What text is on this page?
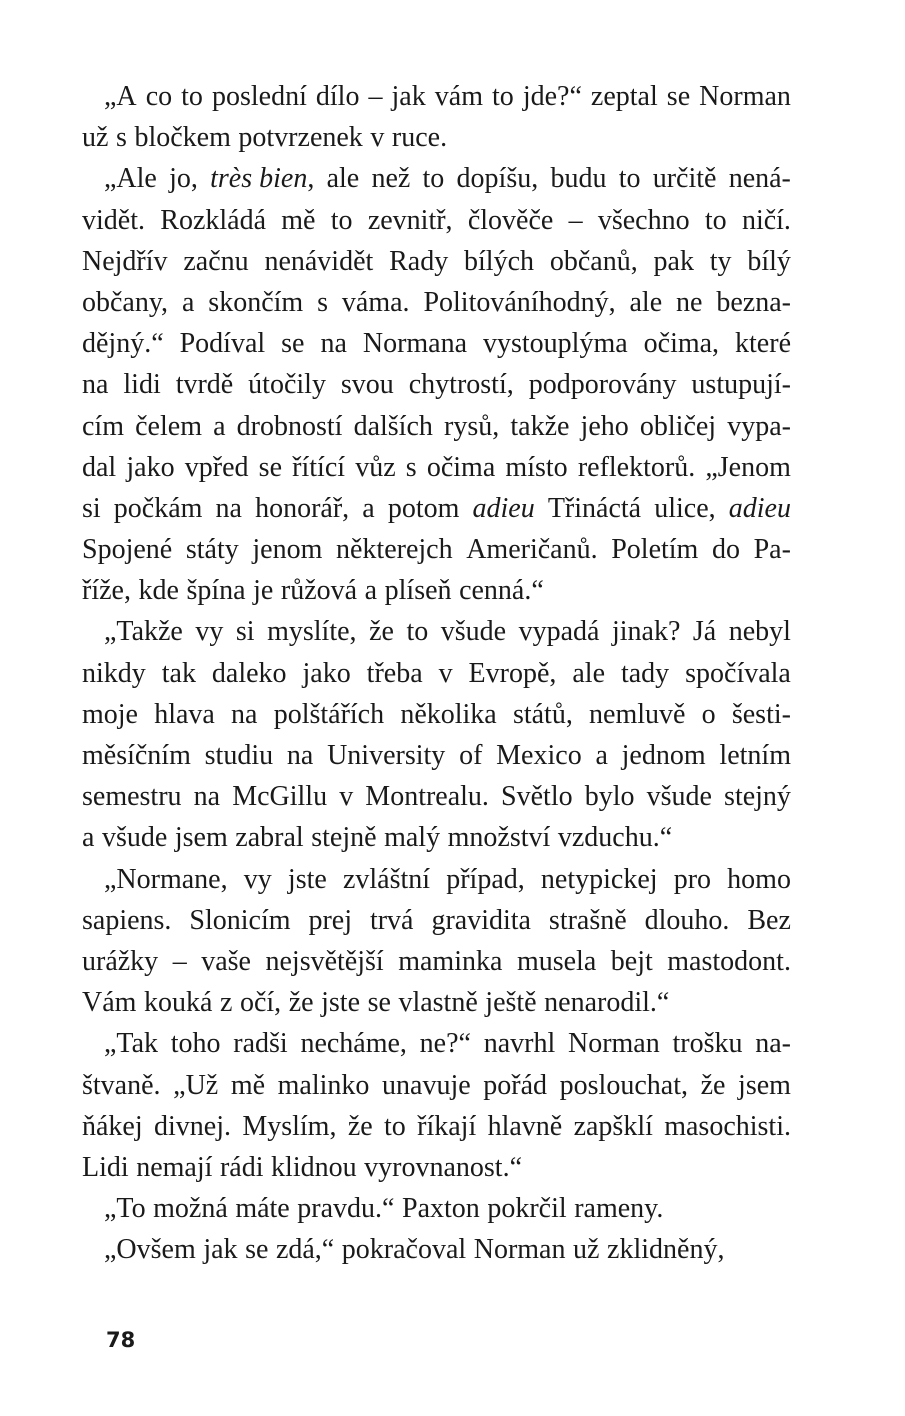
„A co to poslední dílo – jak vám to jde?“ zeptal se Norman
už s bločkem potvrzenek v ruce.
„Ale jo, très bien, ale než to dopíšu, budu to určitě nená-
vidět. Rozkládá mě to zevnitř, člověče – všechno to ničí.
Nejdřív začnu nenávidět Rady bílých občanů, pak ty bílý
občany, a skončím s váma. Politováníhodný, ale ne bezna-
dějný.“ Podíval se na Normana vystouplýma očima, které
na lidi tvrdě útočily svou chytrostí, podporovány ustupují-
cím čelem a drobností dalších rysů, takže jeho obličej vypa-
dal jako vpřed se řítící vůz s očima místo reflektorů. „Jenom
si počkám na honorář, a potom adieu Třináctá ulice, adieu
Spojené státy jenom některejch Američanů. Poletím do Pa-
říže, kde špína je růžová a plíseň cenná.“
„Takže vy si myslíte, že to všude vypadá jinak? Já nebyl
nikdy tak daleko jako třeba v Evropě, ale tady spočívala
moje hlava na polštářích několika států, nemluvě o šesti-
měsíčním studiu na University of Mexico a jednom letním
semestru na McGillu v Montrealu. Světlo bylo všude stejný
a všude jsem zabral stejně malý množství vzduchu.“
„Normane, vy jste zvláštní případ, netypickej pro homo
sapiens. Slonicím prej trvá gravidita strašně dlouho. Bez
urážky – vaše nejsvětější maminka musela bejt mastodont.
Vám kouká z očí, že jste se vlastně ještě nenarodil.“
„Tak toho radši necháme, ne?“ navrhl Norman trošku na-
štvaně. „Už mě malinko unavuje pořád poslouchat, že jsem
ňákej divnej. Myslím, že to říkají hlavně zapšklí masochisti.
Lidi nemají rádi klidnou vyrovnanost.“
„To možná máte pravdu.“ Paxton pokrčil rameny.
„Ovšem jak se zdá,“ pokračoval Norman už zklidněný,
78
